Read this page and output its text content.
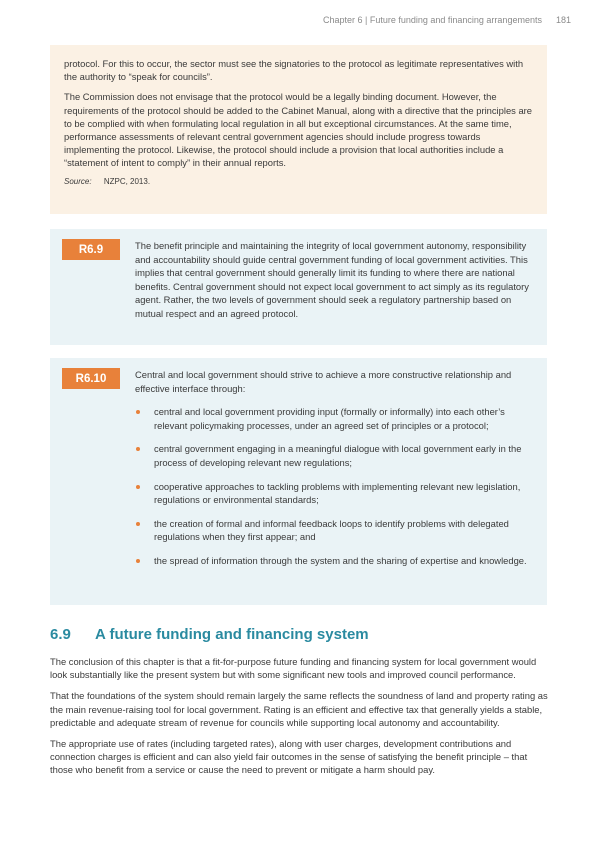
Chapter 6 | Future funding and financing arrangements 181

protocol. For this to occur, the sector must see the signatories to the protocol as legitimate representatives with the authority to “speak for councils”.

The Commission does not envisage that the protocol would be a legally binding document. However, the requirements of the protocol should be added to the Cabinet Manual, along with a directive that the principles are to be complied with when formulating local regulation in all but exceptional circumstances. At the same time, performance assessments of relevant central government agencies should include progress towards implementing the protocol. Likewise, the protocol should include a provision that local authorities include a “statement of intent to comply” in their annual reports.

Source: NZPC, 2013.
R6.9	The benefit principle and maintaining the integrity of local government autonomy, responsibility and accountability should guide central government funding of local government activities. This implies that central government should generally limit its funding to where there are national benefits. Central government should not expect local government to act simply as its regulatory agent. Rather, the two levels of government should seek a regulatory partnership based on mutual respect and an agreed protocol.

R6.10	Central and local government should strive to achieve a more constructive relationship and effective interface through:

central and local government providing input (formally or informally) into each other’s relevant policymaking processes, under an agreed set of principles or a protocol;
central government engaging in a meaningful dialogue with local government early in the process of developing relevant new regulations;
cooperative approaches to tackling problems with implementing relevant new legislation, regulations or environmental standards;
the creation of formal and informal feedback loops to identify problems with delegated regulations when they first appear; and
the spread of information through the system and the sharing of expertise and knowledge.
6.9	A future funding and financing system

The conclusion of this chapter is that a fit-for-purpose future funding and financing system for local government would look substantially like the present system but with some significant new tools and improved council performance.

That the foundations of the system should remain largely the same reflects the soundness of land and property rating as the main revenue-raising tool for local government. Rating is an efficient and effective tax that generally yields a stable, predictable and adequate stream of revenue for councils while supporting local autonomy and accountability.

The appropriate use of rates (including targeted rates), along with user charges, development contributions and connection charges is efficient and can also yield fair outcomes in the sense of satisfying the benefit principle – that those who benefit from a service or cause the need to prevent or mitigate a harm should pay.
